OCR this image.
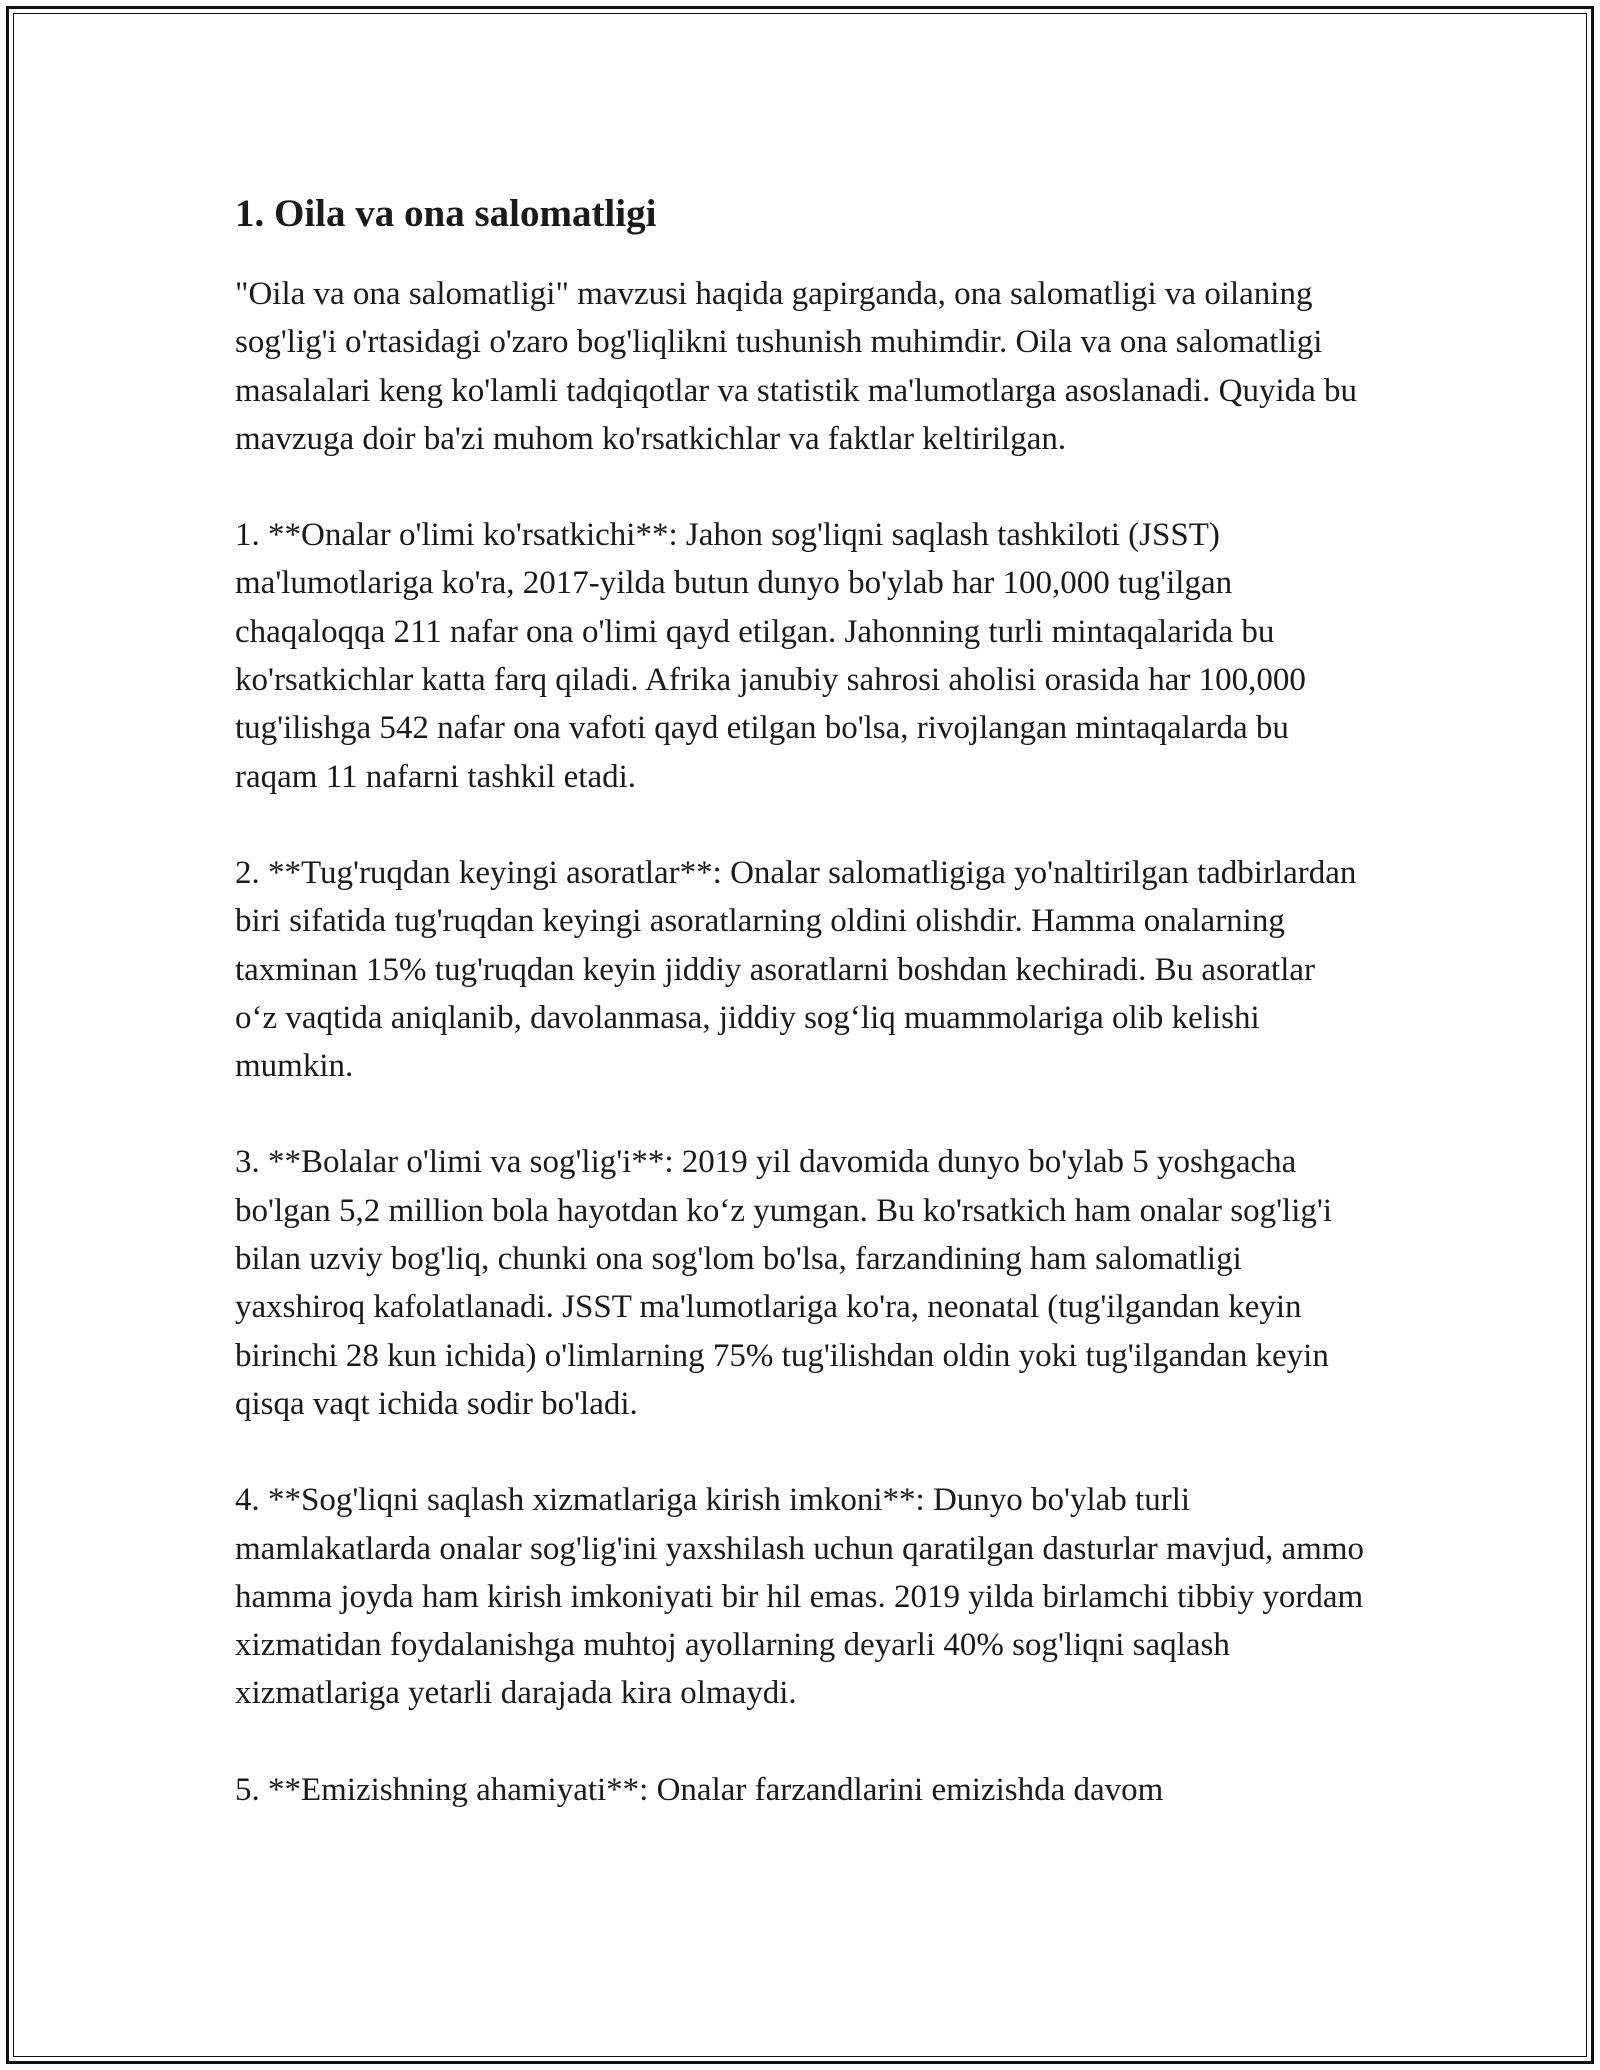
1. Oila va ona salomatligi

"Oila va ona salomatligi" mavzusi haqida gapirganda, ona salomatligi va oilaning sog'lig'i o'rtasidagi o'zaro bog'liqlikni tushunish muhimdir. Oila va ona salomatligi masalalari keng ko'lamli tadqiqotlar va statistik ma'lumotlarga asoslanadi. Quyida bu mavzuga doir ba'zi muhom ko'rsatkichlar va faktlar keltirilgan.

1. **Onalar o'limi ko'rsatkichi**: Jahon sog'liqni saqlash tashkiloti (JSST) ma'lumotlariga ko'ra, 2017-yilda butun dunyo bo'ylab har 100,000 tug'ilgan chaqaloqqa 211 nafar ona o'limi qayd etilgan. Jahonning turli mintaqalarida bu ko'rsatkichlar katta farq qiladi. Afrika janubiy sahrosi aholisi orasida har 100,000 tug'ilishga 542 nafar ona vafoti qayd etilgan bo'lsa, rivojlangan mintaqalarda bu raqam 11 nafarni tashkil etadi.

2. **Tug'ruqdan keyingi asoratlar**: Onalar salomatligiga yo'naltirilgan tadbirlardan biri sifatida tug'ruqdan keyingi asoratlarning oldini olishdir. Hamma onalarning taxminan 15% tug'ruqdan keyin jiddiy asoratlarni boshdan kechiradi. Bu asoratlar o‘z vaqtida aniqlanib, davolanmasa, jiddiy sog‘liq muammolariga olib kelishi mumkin.

3. **Bolalar o'limi va sog'lig'i**: 2019 yil davomida dunyo bo'ylab 5 yoshgacha bo'lgan 5,2 million bola hayotdan ko‘z yumgan. Bu ko'rsatkich ham onalar sog'lig'i bilan uzviy bog'liq, chunki ona sog'lom bo'lsa, farzandining ham salomatligi yaxshiroq kafolatlanadi. JSST ma'lumotlariga ko'ra, neonatal (tug'ilgandan keyin birinchi 28 kun ichida) o'limlarning 75% tug'ilishdan oldin yoki tug'ilgandan keyin qisqa vaqt ichida sodir bo'ladi.

4. **Sog'liqni saqlash xizmatlariga kirish imkoni**: Dunyo bo'ylab turli mamlakatlarda onalar sog'lig'ini yaxshilash uchun qaratilgan dasturlar mavjud, ammo hamma joyda ham kirish imkoniyati bir hil emas. 2019 yilda birlamchi tibbiy yordam xizmatidan foydalanishga muhtoj ayollarning deyarli 40% sog'liqni saqlash xizmatlariga yetarli darajada kira olmaydi.

5. **Emizishning ahamiyati**: Onalar farzandlarini emizishda davom
